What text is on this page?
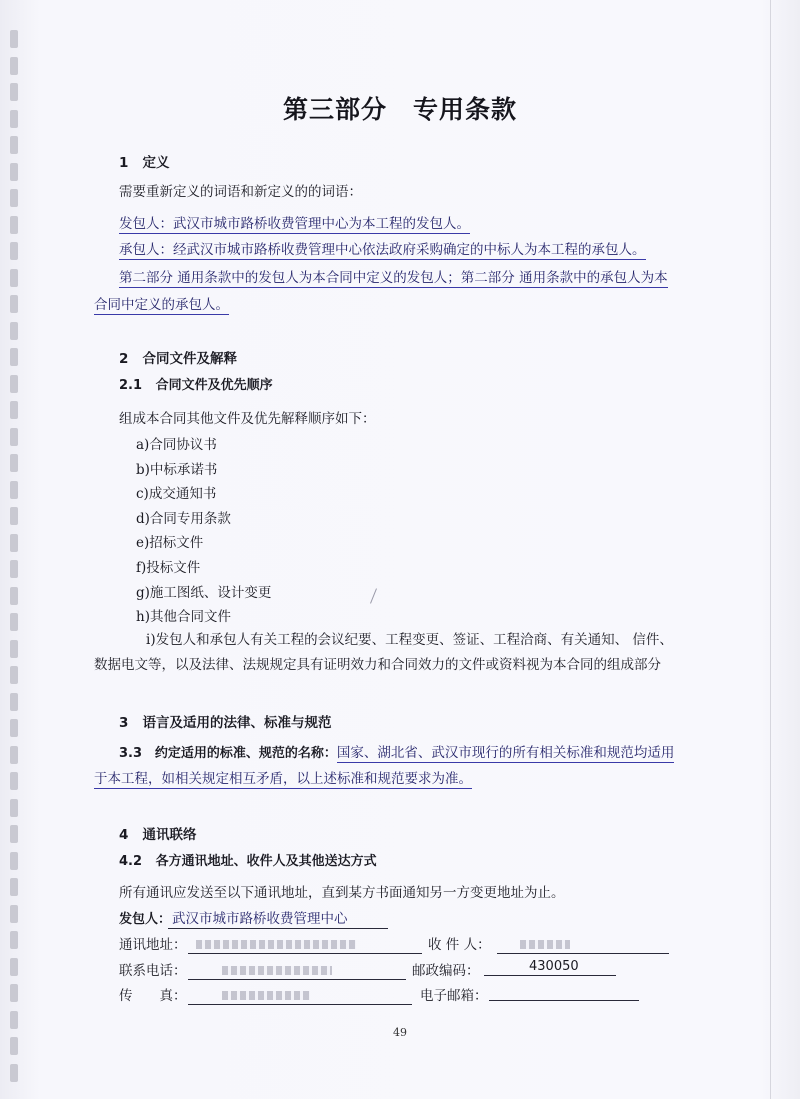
第三部分　专用条款
1 定义
需要重新定义的词语和新定义的的词语：
发包人：武汉市城市路桥收费管理中心为本工程的发包人。
承包人：经武汉市城市路桥收费管理中心依法政府采购确定的中标人为本工程的承包人。
第二部分 通用条款中的发包人为本合同中定义的发包人；第二部分 通用条款中的承包人为本
合同中定义的承包人。
2 合同文件及解释
2.1 合同文件及优先顺序
组成本合同其他文件及优先解释顺序如下：
a)合同协议书
b)中标承诺书
c)成交通知书
d)合同专用条款
e)招标文件
f)投标文件
g)施工图纸、设计变更
h)其他合同文件
i)发包人和承包人有关工程的会议纪要、工程变更、签证、工程洽商、有关通知、 信件、
数据电文等，以及法律、法规规定具有证明效力和合同效力的文件或资料视为本合同的组成部分
3 语言及适用的法律、标准与规范
3.3 约定适用的标准、规范的名称：国家、湖北省、武汉市现行的所有相关标准和规范均适用
于本工程，如相关规定相互矛盾，以上述标准和规范要求为准。
4 通讯联络
4.2 各方通讯地址、收件人及其他送达方式
所有通讯应发送至以下通讯地址，直到某方书面通知另一方变更地址为止。
发包人： 武汉市城市路桥收费管理中心
通讯地址：	收 件 人：
联系电话：	邮政编码：	430050
传　　真：	电子邮箱：
49
